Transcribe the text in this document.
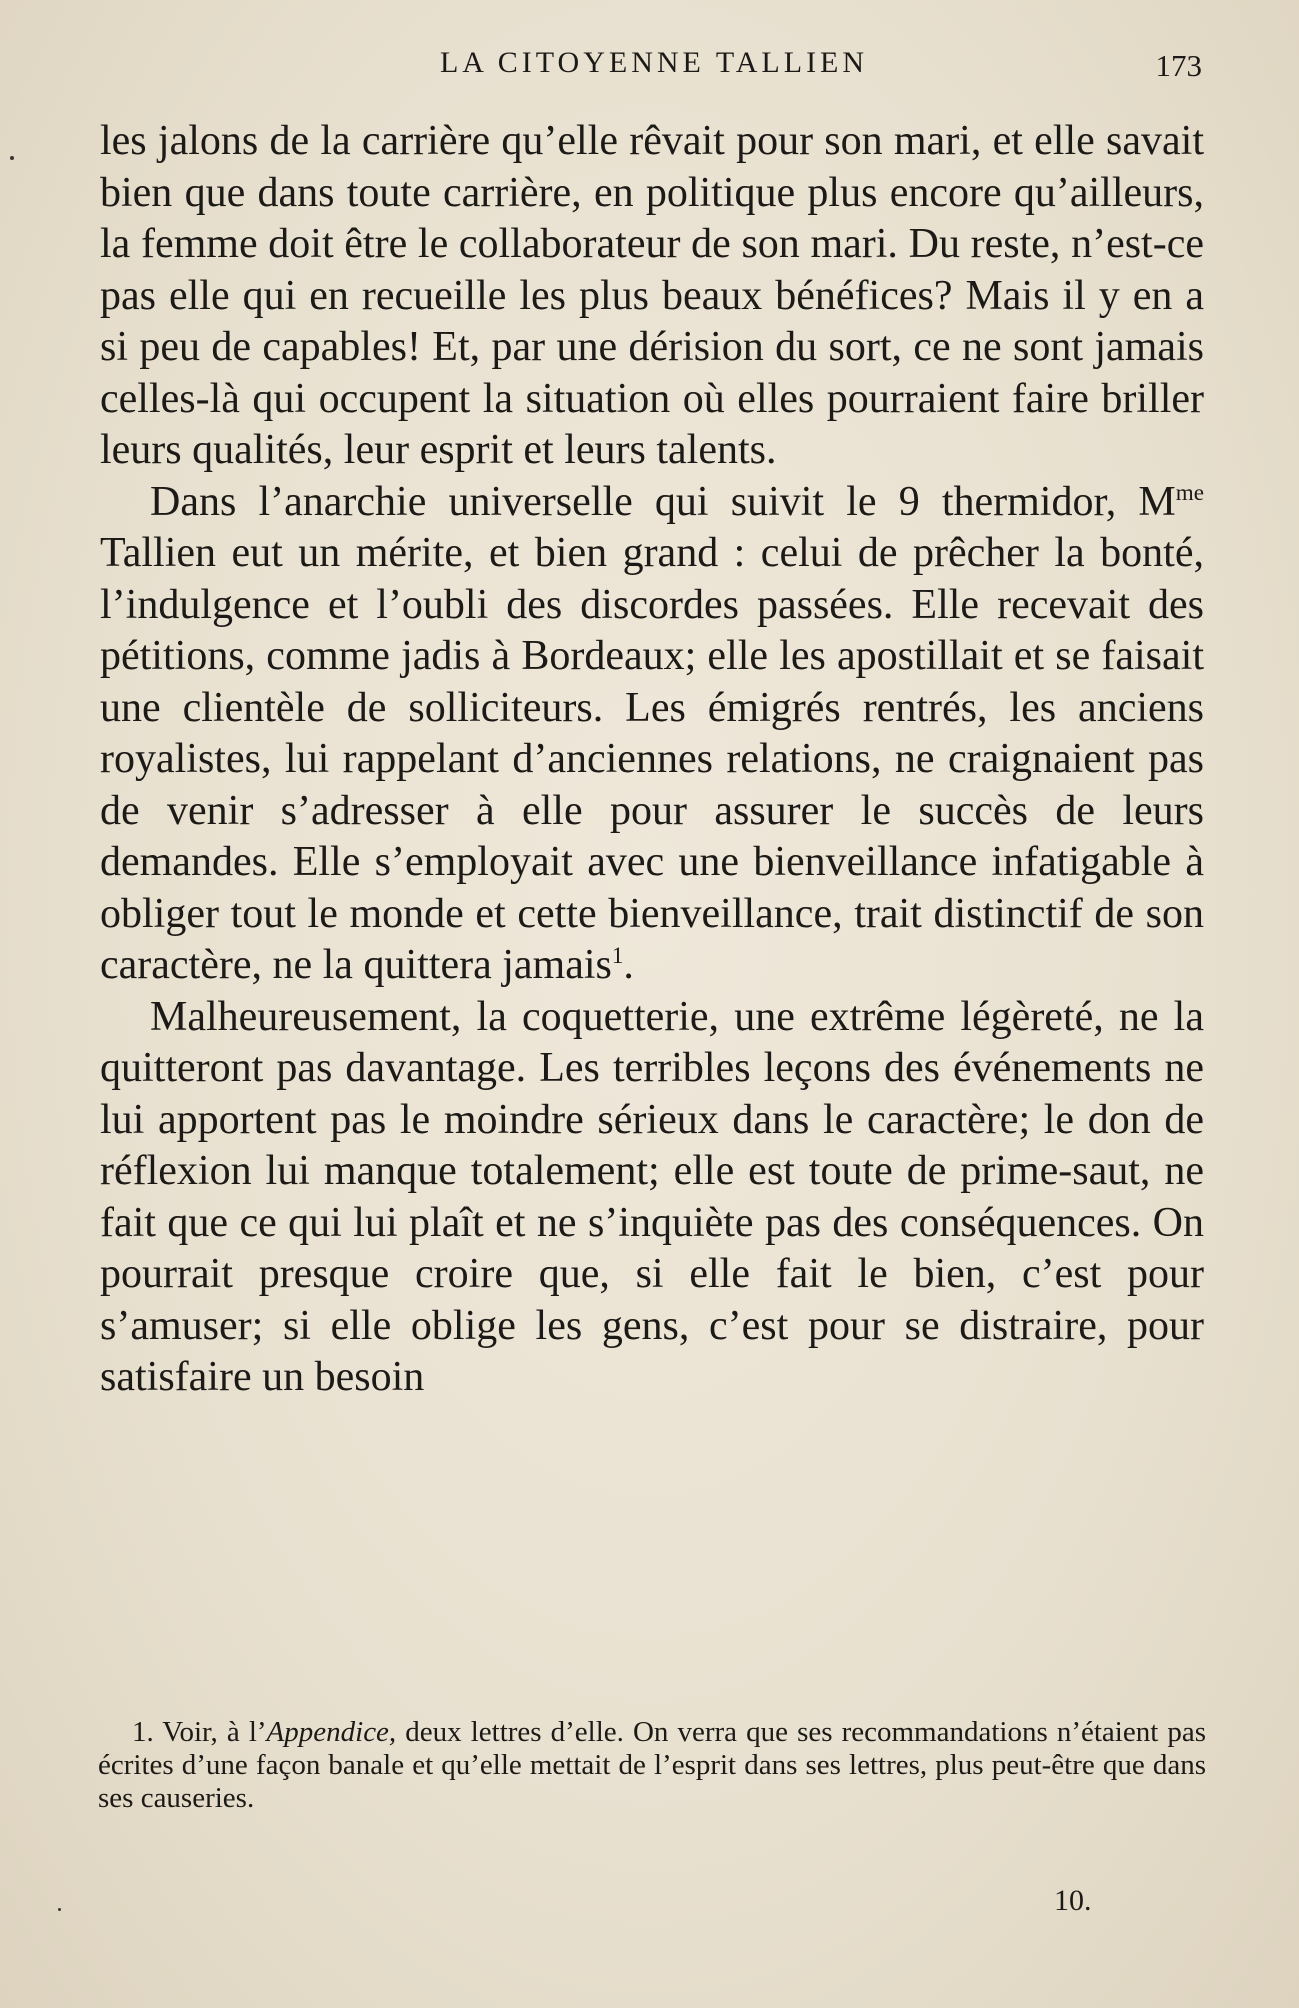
LA CITOYENNE TALLIEN	173

les jalons de la carrière qu’elle rêvait pour son mari, et elle savait bien que dans toute carrière, en politique plus encore qu’ailleurs, la femme doit être le collaborateur de son mari. Du reste, n’est-ce pas elle qui en recueille les plus beaux bénéfices? Mais il y en a si peu de capables! Et, par une dérision du sort, ce ne sont jamais celles-là qui occupent la situation où elles pourraient faire briller leurs qualités, leur esprit et leurs talents.

Dans l’anarchie universelle qui suivit le 9 thermidor, $M^{me}$ Tallien eut un mérite, et bien grand : celui de prêcher la bonté, l’indulgence et l’oubli des discordes passées. Elle recevait des pétitions, comme jadis à Bordeaux; elle les apostillait et se faisait une clientèle de solliciteurs. Les émigrés rentrés, les anciens royalistes, lui rappelant d’anciennes relations, ne craignaient pas de venir s’adresser à elle pour assurer le succès de leurs demandes. Elle s’employait avec une bienveillance infatigable à obliger tout le monde et cette bienveillance, trait distinctif de son caractère, ne la quittera jamais$^1$.

Malheureusement, la coquetterie, une extrême légèreté, ne la quitteront pas davantage. Les terribles leçons des événements ne lui apportent pas le moindre sérieux dans le caractère; le don de réflexion lui manque totalement; elle est toute de prime-saut, ne fait que ce qui lui plaît et ne s’inquiète pas des conséquences. On pourrait presque croire que, si elle fait le bien, c’est pour s’amuser; si elle oblige les gens, c’est pour se distraire, pour satisfaire un besoin

1. Voir, à l’Appendice, deux lettres d’elle. On verra que ses recommandations n’étaient pas écrites d’une façon banale et qu’elle mettait de l’esprit dans ses lettres, plus peut-être que dans ses causeries.
10.
